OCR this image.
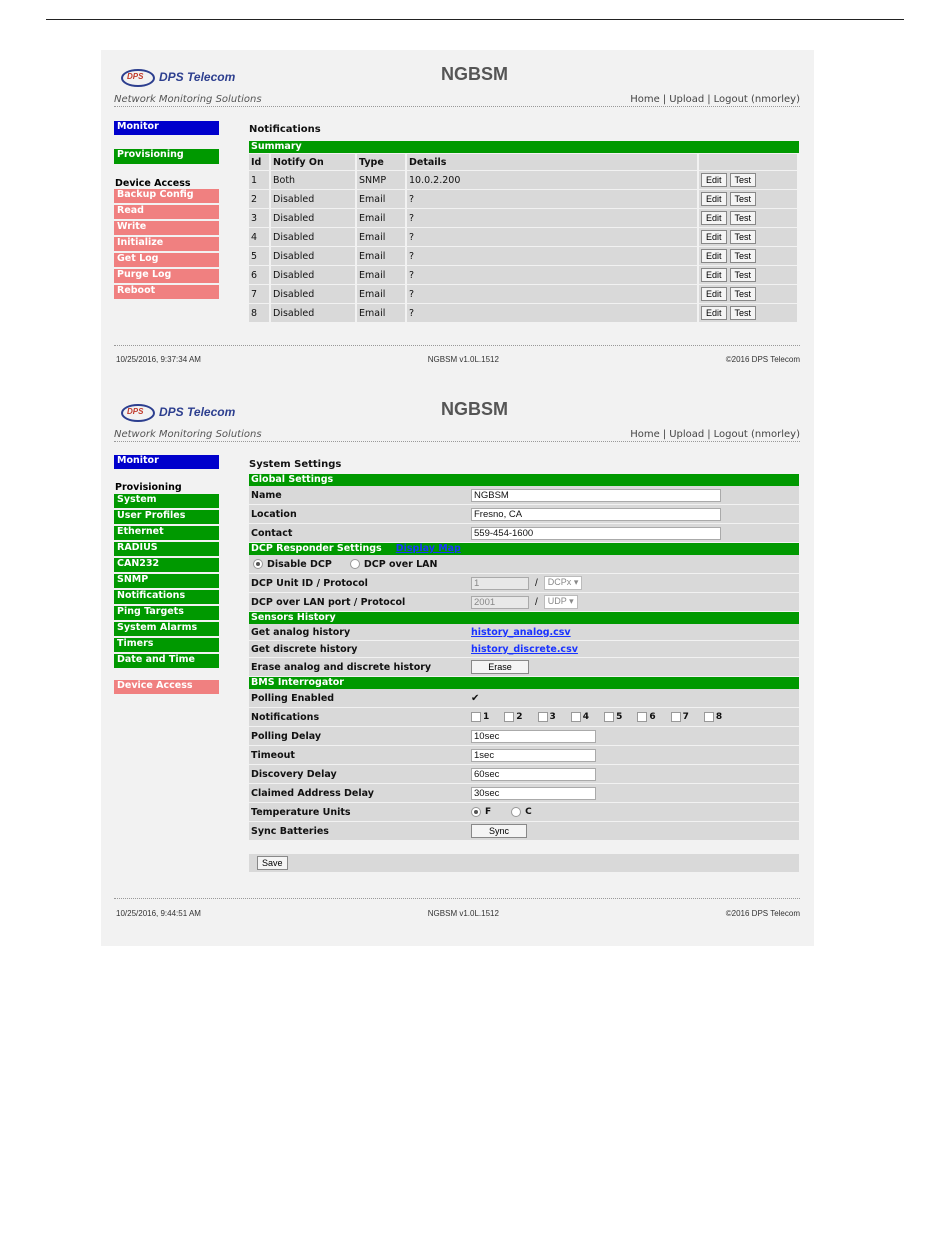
DPS DPS Telecom
Network Monitoring Solutions
NGBSM
Home | Upload | Logout (nmorley)
Monitor
Provisioning
Device Access
Backup Config
Read
Write
Initialize
Get Log
Purge Log
Reboot
Notifications
Summary
Id	Notify On	Type	Details	
1	Both	SNMP	10.0.2.200	Edit Test
2	Disabled	Email	?	Edit Test
3	Disabled	Email	?	Edit Test
4	Disabled	Email	?	Edit Test
5	Disabled	Email	?	Edit Test
6	Disabled	Email	?	Edit Test
7	Disabled	Email	?	Edit Test
8	Disabled	Email	?	Edit Test
10/25/2016, 9:37:34 AM	NGBSM v1.0L.1512	©2016 DPS Telecom
DPS DPS Telecom
Network Monitoring Solutions
NGBSM
Home | Upload | Logout (nmorley)
Monitor
Provisioning
System
User Profiles
Ethernet
RADIUS
CAN232
SNMP
Notifications
Ping Targets
System Alarms
Timers
Date and Time
Device Access
System Settings
Global Settings
Name	NGBSM
Location	Fresno, CA
Contact	559-454-1600
DCP Responder Settings Display Map
Disable DCP	DCP over LAN
DCP Unit ID / Protocol	1	/	DCPx ▾
DCP over LAN port / Protocol	2001	/	UDP ▾
Sensors History
Get analog history	history_analog.csv
Get discrete history	history_discrete.csv
Erase analog and discrete history	Erase
BMS Interrogator
Polling Enabled	✔
Notifications	1	2	3	4	5	6	7	8
Polling Delay	10sec
Timeout	1sec
Discovery Delay	60sec
Claimed Address Delay	30sec
Temperature Units	F	C
Sync Batteries	Sync
Save
10/25/2016, 9:44:51 AM	NGBSM v1.0L.1512	©2016 DPS Telecom
